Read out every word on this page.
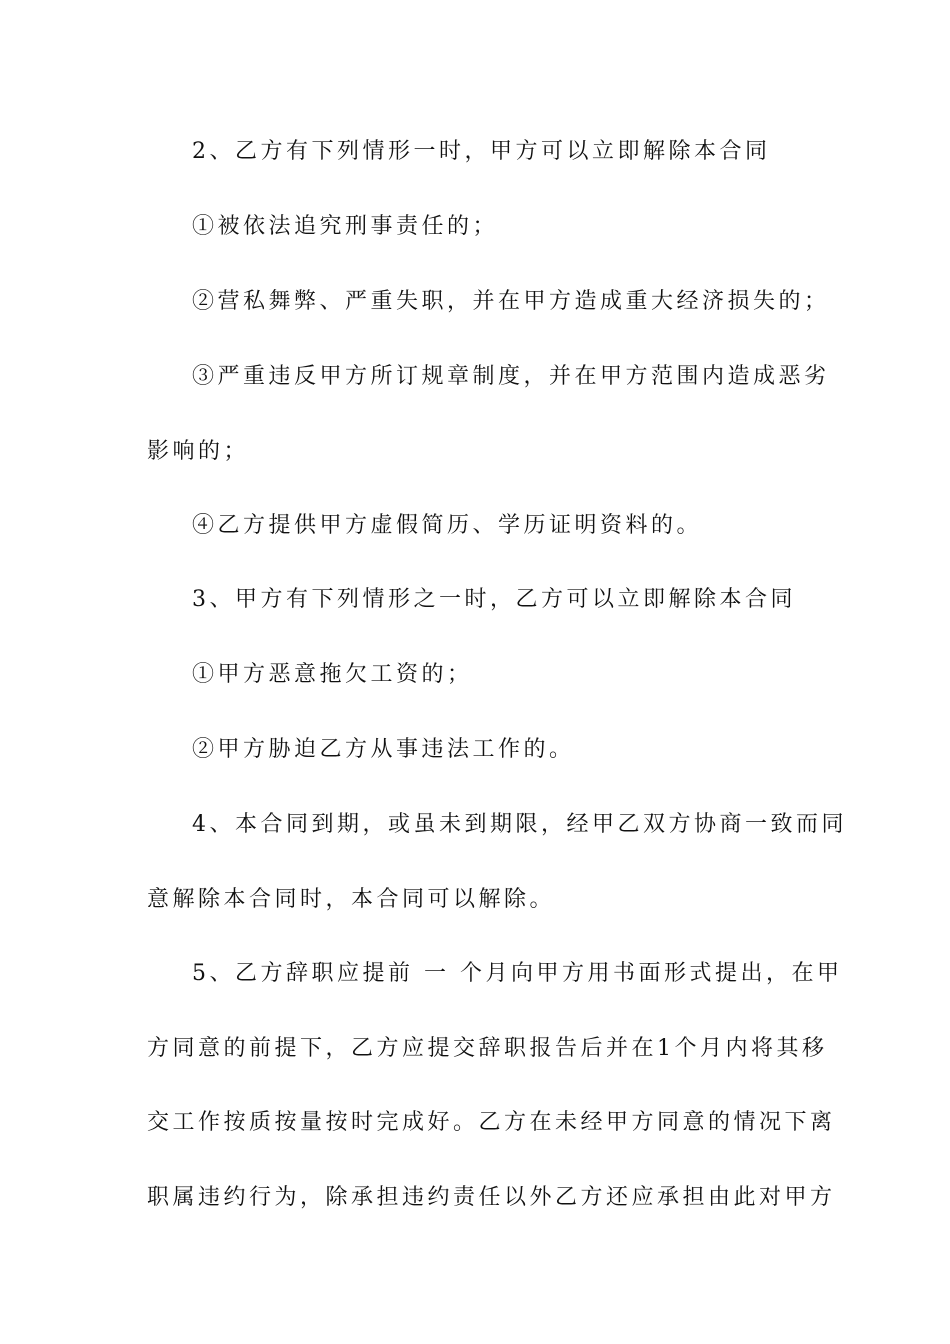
2、乙方有下列情形一时，甲方可以立即解除本合同
①被依法追究刑事责任的；
②营私舞弊、严重失职，并在甲方造成重大经济损失的；
③严重违反甲方所订规章制度，并在甲方范围内造成恶劣
影响的；
④乙方提供甲方虚假简历、学历证明资料的。
3、甲方有下列情形之一时，乙方可以立即解除本合同
①甲方恶意拖欠工资的；
②甲方胁迫乙方从事违法工作的。
4、本合同到期，或虽未到期限，经甲乙双方协商一致而同
意解除本合同时，本合同可以解除。
5、乙方辞职应提前 一 个月向甲方用书面形式提出，在甲
方同意的前提下，乙方应提交辞职报告后并在1个月内将其移
交工作按质按量按时完成好。乙方在未经甲方同意的情况下离
职属违约行为，除承担违约责任以外乙方还应承担由此对甲方
